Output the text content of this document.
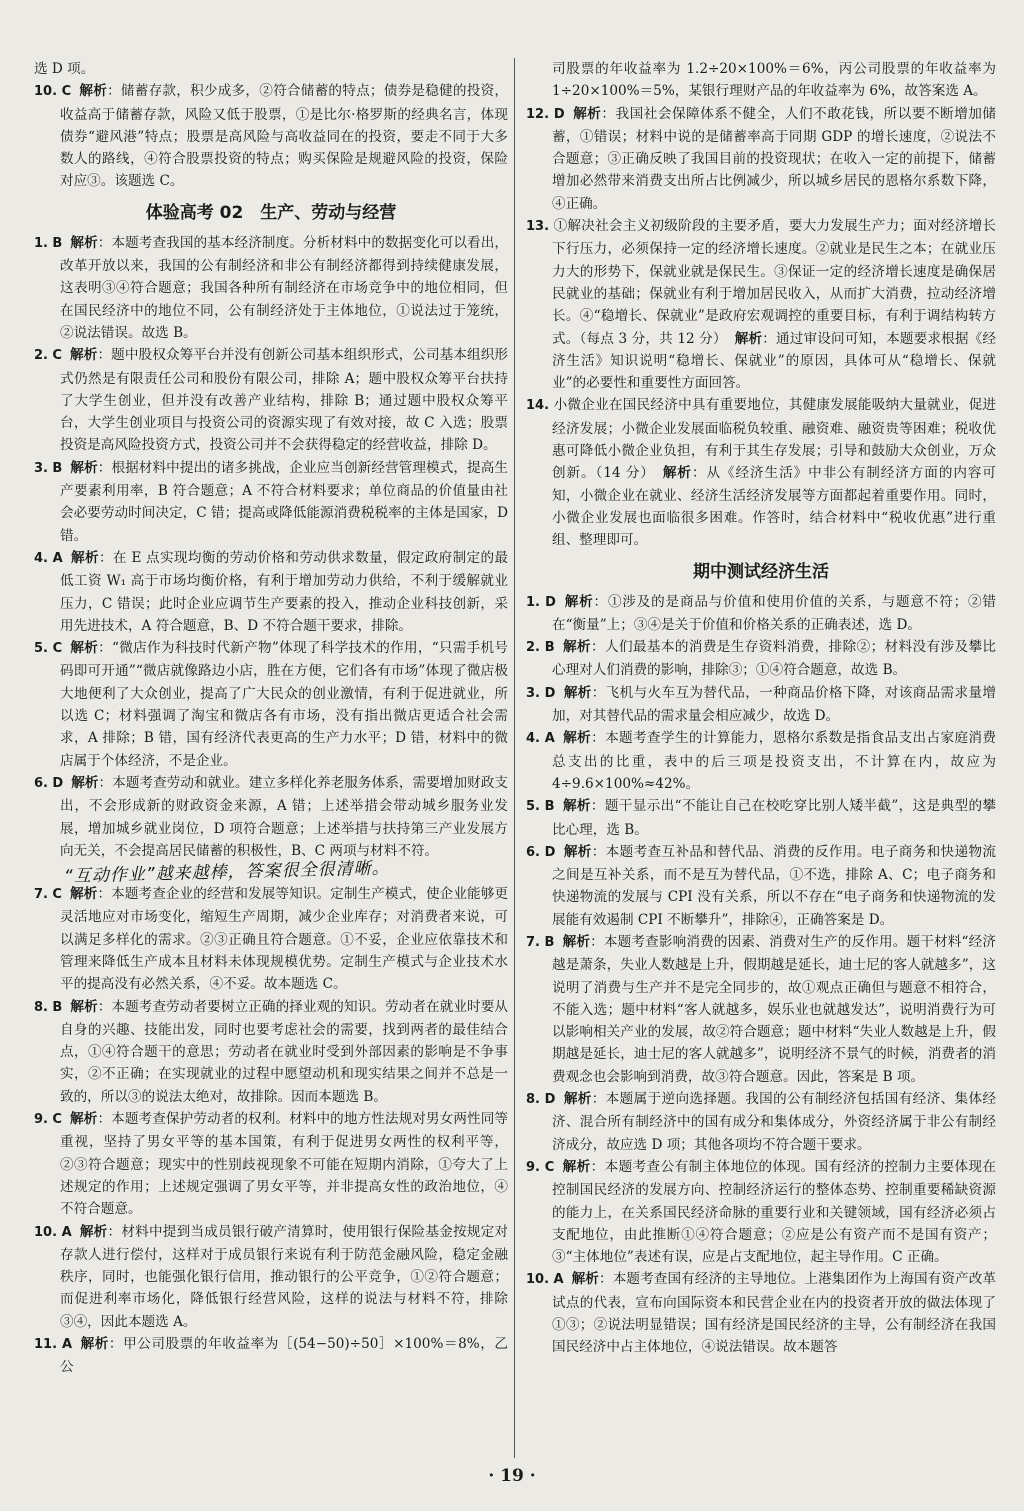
选 D 项。

10. C 解析：储蓄存款，积少成多，②符合储蓄的特点；债券是稳健的投资，收益高于储蓄存款，风险又低于股票，①是比尔·格罗斯的经典名言，体现债券“避风港”特点；股票是高风险与高收益同在的投资，要走不同于大多数人的路线，④符合股票投资的特点；购买保险是规避风险的投资，保险对应③。该题选 C。

体验高考 02　生产、劳动与经营

1. B 解析：本题考查我国的基本经济制度。分析材料中的数据变化可以看出，改革开放以来，我国的公有制经济和非公有制经济都得到持续健康发展，这表明③④符合题意；我国各种所有制经济在市场竞争中的地位相同，但在国民经济中的地位不同，公有制经济处于主体地位，①说法过于笼统，②说法错误。故选 B。

2. C 解析：题中股权众筹平台并没有创新公司基本组织形式，公司基本组织形式仍然是有限责任公司和股份有限公司，排除 A；题中股权众筹平台扶持了大学生创业，但并没有改善产业结构，排除 B；通过题中股权众筹平台，大学生创业项目与投资公司的资源实现了有效对接，故 C 入选；股票投资是高风险投资方式，投资公司并不会获得稳定的经营收益，排除 D。

3. B 解析：根据材料中提出的诸多挑战，企业应当创新经营管理模式，提高生产要素利用率，B 符合题意；A 不符合材料要求；单位商品的价值量由社会必要劳动时间决定，C 错；提高或降低能源消费税税率的主体是国家，D 错。

4. A 解析：在 E 点实现均衡的劳动价格和劳动供求数量，假定政府制定的最低工资 W₁ 高于市场均衡价格，有利于增加劳动力供给，不利于缓解就业压力，C 错误；此时企业应调节生产要素的投入，推动企业科技创新，采用先进技术，A 符合题意，B、D 不符合题干要求，排除。

5. C 解析：“微店作为科技时代新产物”体现了科学技术的作用，“只需手机号码即可开通”“微店就像路边小店，胜在方便，它们各有市场”体现了微店极大地便利了大众创业，提高了广大民众的创业激情，有利于促进就业，所以选 C；材料强调了淘宝和微店各有市场，没有指出微店更适合社会需求，A 排除；B 错，国有经济代表更高的生产力水平；D 错，材料中的微店属于个体经济，不是企业。

6. D 解析：本题考查劳动和就业。建立多样化养老服务体系，需要增加财政支出，不会形成新的财政资金来源，A 错；上述举措会带动城乡服务业发展，增加城乡就业岗位，D 项符合题意；上述举措与扶持第三产业发展方向无关，不会提高居民储蓄的积极性，B、C 两项与材料不符。

“互动作业”越来越棒，答案很全很清晰。

7. C 解析：本题考查企业的经营和发展等知识。定制生产模式，使企业能够更灵活地应对市场变化，缩短生产周期，减少企业库存；对消费者来说，可以满足多样化的需求。②③正确且符合题意。①不妥，企业应依靠技术和管理来降低生产成本且材料未体现规模优势。定制生产模式与企业技术水平的提高没有必然关系，④不妥。故本题选 C。

8. B 解析：本题考查劳动者要树立正确的择业观的知识。劳动者在就业时要从自身的兴趣、技能出发，同时也要考虑社会的需要，找到两者的最佳结合点，①④符合题干的意思；劳动者在就业时受到外部因素的影响是不争事实，②不正确；在实现就业的过程中愿望动机和现实结果之间并不总是一致的，所以③的说法太绝对，故排除。因而本题选 B。

9. C 解析：本题考查保护劳动者的权利。材料中的地方性法规对男女两性同等重视，坚持了男女平等的基本国策，有利于促进男女两性的权利平等，②③符合题意；现实中的性别歧视现象不可能在短期内消除，①夸大了上述规定的作用；上述规定强调了男女平等，并非提高女性的政治地位，④不符合题意。

10. A 解析：材料中提到当成员银行破产清算时，使用银行保险基金按规定对存款人进行偿付，这样对于成员银行来说有利于防范金融风险，稳定金融秩序，同时，也能强化银行信用，推动银行的公平竞争，①②符合题意；而促进利率市场化，降低银行经营风险，这样的说法与材料不符，排除③④，因此本题选 A。

11. A 解析：甲公司股票的年收益率为［(54−50)÷50］×100%＝8%，乙公

司股票的年收益率为 1.2÷20×100%＝6%，丙公司股票的年收益率为 1÷20×100%＝5%，某银行理财产品的年收益率为 6%，故答案选 A。

12. D 解析：我国社会保障体系不健全，人们不敢花钱，所以要不断增加储蓄，①错误；材料中说的是储蓄率高于同期 GDP 的增长速度，②说法不合题意；③正确反映了我国目前的投资现状；在收入一定的前提下，储蓄增加必然带来消费支出所占比例减少，所以城乡居民的恩格尔系数下降，④正确。

13. ①解决社会主义初级阶段的主要矛盾，要大力发展生产力；面对经济增长下行压力，必须保持一定的经济增长速度。②就业是民生之本；在就业压力大的形势下，保就业就是保民生。③保证一定的经济增长速度是确保居民就业的基础；保就业有利于增加居民收入，从而扩大消费，拉动经济增长。④“稳增长、保就业”是政府宏观调控的重要目标，有利于调结构转方式。（每点 3 分，共 12 分） 解析：通过审设问可知，本题要求根据《经济生活》知识说明“稳增长、保就业”的原因，具体可从“稳增长、保就业”的必要性和重要性方面回答。

14. 小微企业在国民经济中具有重要地位，其健康发展能吸纳大量就业，促进经济发展；小微企业发展面临税负较重、融资难、融资贵等困难；税收优惠可降低小微企业负担，有利于其生存发展；引导和鼓励大众创业，万众创新。（14 分） 解析：从《经济生活》中非公有制经济方面的内容可知，小微企业在就业、经济生活经济发展等方面都起着重要作用。同时，小微企业发展也面临很多困难。作答时，结合材料中“税收优惠”进行重组、整理即可。

期中测试经济生活

1. D 解析：①涉及的是商品与价值和使用价值的关系，与题意不符；②错在“衡量”上；③④是关于价值和价格关系的正确表述，选 D。

2. B 解析：人们最基本的消费是生存资料消费，排除②；材料没有涉及攀比心理对人们消费的影响，排除③；①④符合题意，故选 B。

3. D 解析：飞机与火车互为替代品，一种商品价格下降，对该商品需求量增加，对其替代品的需求量会相应减少，故选 D。

4. A 解析：本题考查学生的计算能力，恩格尔系数是指食品支出占家庭消费总支出的比重，表中的后三项是投资支出，不计算在内，故应为4÷9.6×100%≈42%。

5. B 解析：题干显示出“不能让自己在校吃穿比别人矮半截”，这是典型的攀比心理，选 B。

6. D 解析：本题考查互补品和替代品、消费的反作用。电子商务和快递物流之间是互补关系，而不是互为替代品，①不选，排除 A、C；电子商务和快递物流的发展与 CPI 没有关系，所以不存在“电子商务和快递物流的发展能有效遏制 CPI 不断攀升”，排除④，正确答案是 D。

7. B 解析：本题考查影响消费的因素、消费对生产的反作用。题干材料“经济越是萧条，失业人数越是上升，假期越是延长，迪士尼的客人就越多”，这说明了消费与生产并不是完全同步的，故①观点正确但与题意不相符合，不能入选；题中材料“客人就越多，娱乐业也就越发达”，说明消费行为可以影响相关产业的发展，故②符合题意；题中材料“失业人数越是上升，假期越是延长，迪士尼的客人就越多”，说明经济不景气的时候，消费者的消费观念也会影响到消费，故③符合题意。因此，答案是 B 项。

8. D 解析：本题属于逆向选择题。我国的公有制经济包括国有经济、集体经济、混合所有制经济中的国有成分和集体成分，外资经济属于非公有制经济成分，故应选 D 项；其他各项均不符合题干要求。

9. C 解析：本题考查公有制主体地位的体现。国有经济的控制力主要体现在控制国民经济的发展方向、控制经济运行的整体态势、控制重要稀缺资源的能力上，在关系国民经济命脉的重要行业和关键领域，国有经济必须占支配地位，由此推断①④符合题意；②应是公有资产而不是国有资产；③“主体地位”表述有误，应是占支配地位，起主导作用。C 正确。

10. A 解析：本题考查国有经济的主导地位。上港集团作为上海国有资产改革试点的代表，宣布向国际资本和民营企业在内的投资者开放的做法体现了①③；②说法明显错误；国有经济是国民经济的主导，公有制经济在我国国民经济中占主体地位，④说法错误。故本题答

· 19 ·
